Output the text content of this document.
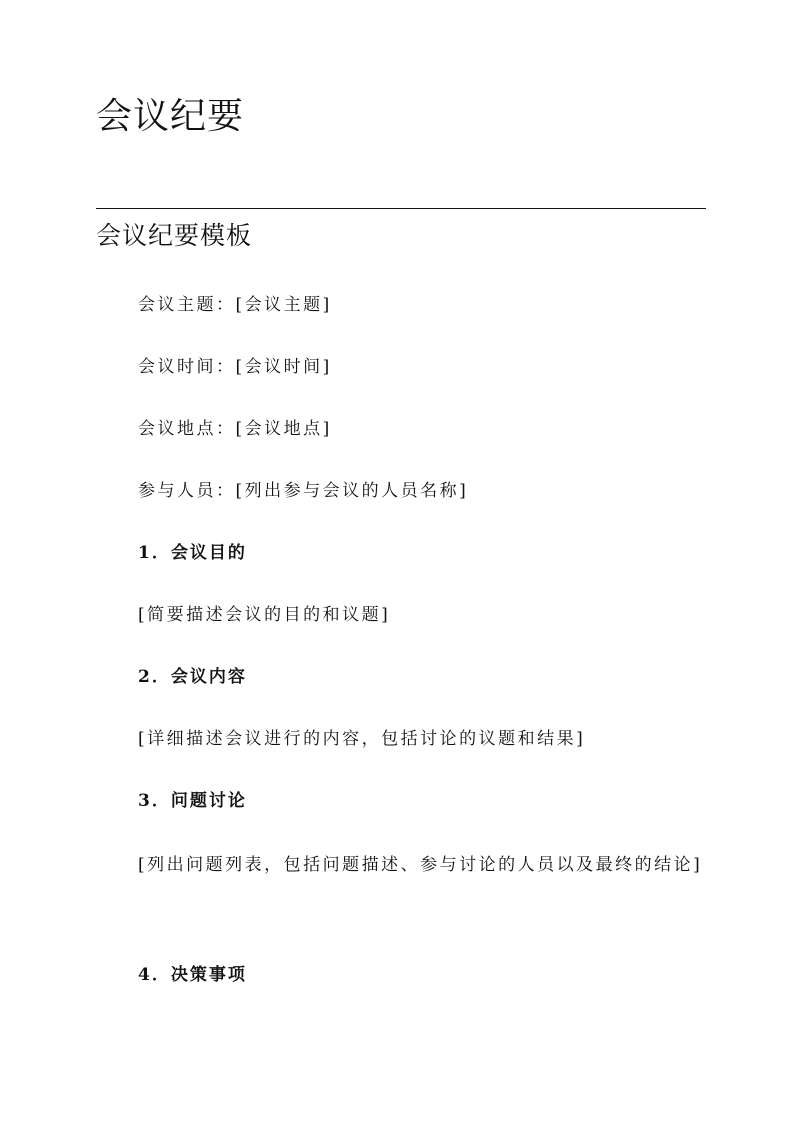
会议纪要
会议纪要模板

会议主题：[会议主题]

会议时间：[会议时间]

会议地点：[会议地点]

参与人员：[列出参与会议的人员名称]

1．会议目的

[简要描述会议的目的和议题]

2．会议内容

[详细描述会议进行的内容，包括讨论的议题和结果]

3．问题讨论

[列出问题列表，包括问题描述、参与讨论的人员以及最终的结论]

4．决策事项
